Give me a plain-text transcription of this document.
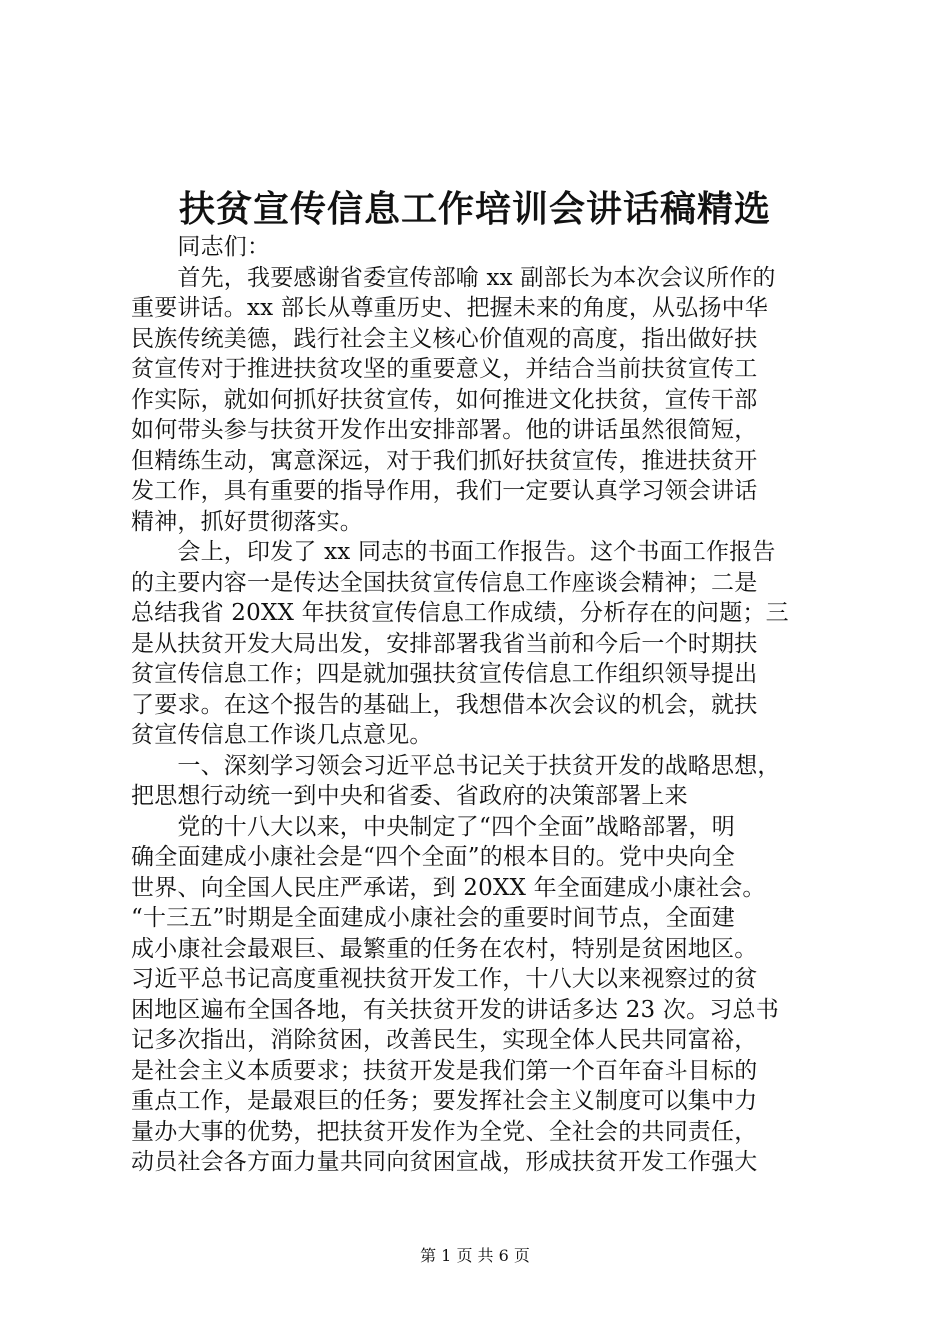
扶贫宣传信息工作培训会讲话稿精选
　　同志们：
　　首先，我要感谢省委宣传部喻 xx 副部长为本次会议所作的
重要讲话。xx 部长从尊重历史、把握未来的角度，从弘扬中华
民族传统美德，践行社会主义核心价值观的高度，指出做好扶
贫宣传对于推进扶贫攻坚的重要意义，并结合当前扶贫宣传工
作实际，就如何抓好扶贫宣传，如何推进文化扶贫，宣传干部
如何带头参与扶贫开发作出安排部署。他的讲话虽然很简短，
但精练生动，寓意深远，对于我们抓好扶贫宣传，推进扶贫开
发工作，具有重要的指导作用，我们一定要认真学习领会讲话
精神，抓好贯彻落实。
　　会上，印发了 xx 同志的书面工作报告。这个书面工作报告
的主要内容一是传达全国扶贫宣传信息工作座谈会精神；二是
总结我省 20XX 年扶贫宣传信息工作成绩，分析存在的问题；三
是从扶贫开发大局出发，安排部署我省当前和今后一个时期扶
贫宣传信息工作；四是就加强扶贫宣传信息工作组织领导提出
了要求。在这个报告的基础上，我想借本次会议的机会，就扶
贫宣传信息工作谈几点意见。
　　一、深刻学习领会习近平总书记关于扶贫开发的战略思想，
把思想行动统一到中央和省委、省政府的决策部署上来
　　党的十八大以来，中央制定了“四个全面”战略部署，明
确全面建成小康社会是“四个全面”的根本目的。党中央向全
世界、向全国人民庄严承诺，到 20XX 年全面建成小康社会。
“十三五”时期是全面建成小康社会的重要时间节点，全面建
成小康社会最艰巨、最繁重的任务在农村，特别是贫困地区。
习近平总书记高度重视扶贫开发工作，十八大以来视察过的贫
困地区遍布全国各地，有关扶贫开发的讲话多达 23 次。习总书
记多次指出，消除贫困，改善民生，实现全体人民共同富裕，
是社会主义本质要求；扶贫开发是我们第一个百年奋斗目标的
重点工作，是最艰巨的任务；要发挥社会主义制度可以集中力
量办大事的优势，把扶贫开发作为全党、全社会的共同责任，
动员社会各方面力量共同向贫困宣战，形成扶贫开发工作强大
第 1 页 共 6 页
